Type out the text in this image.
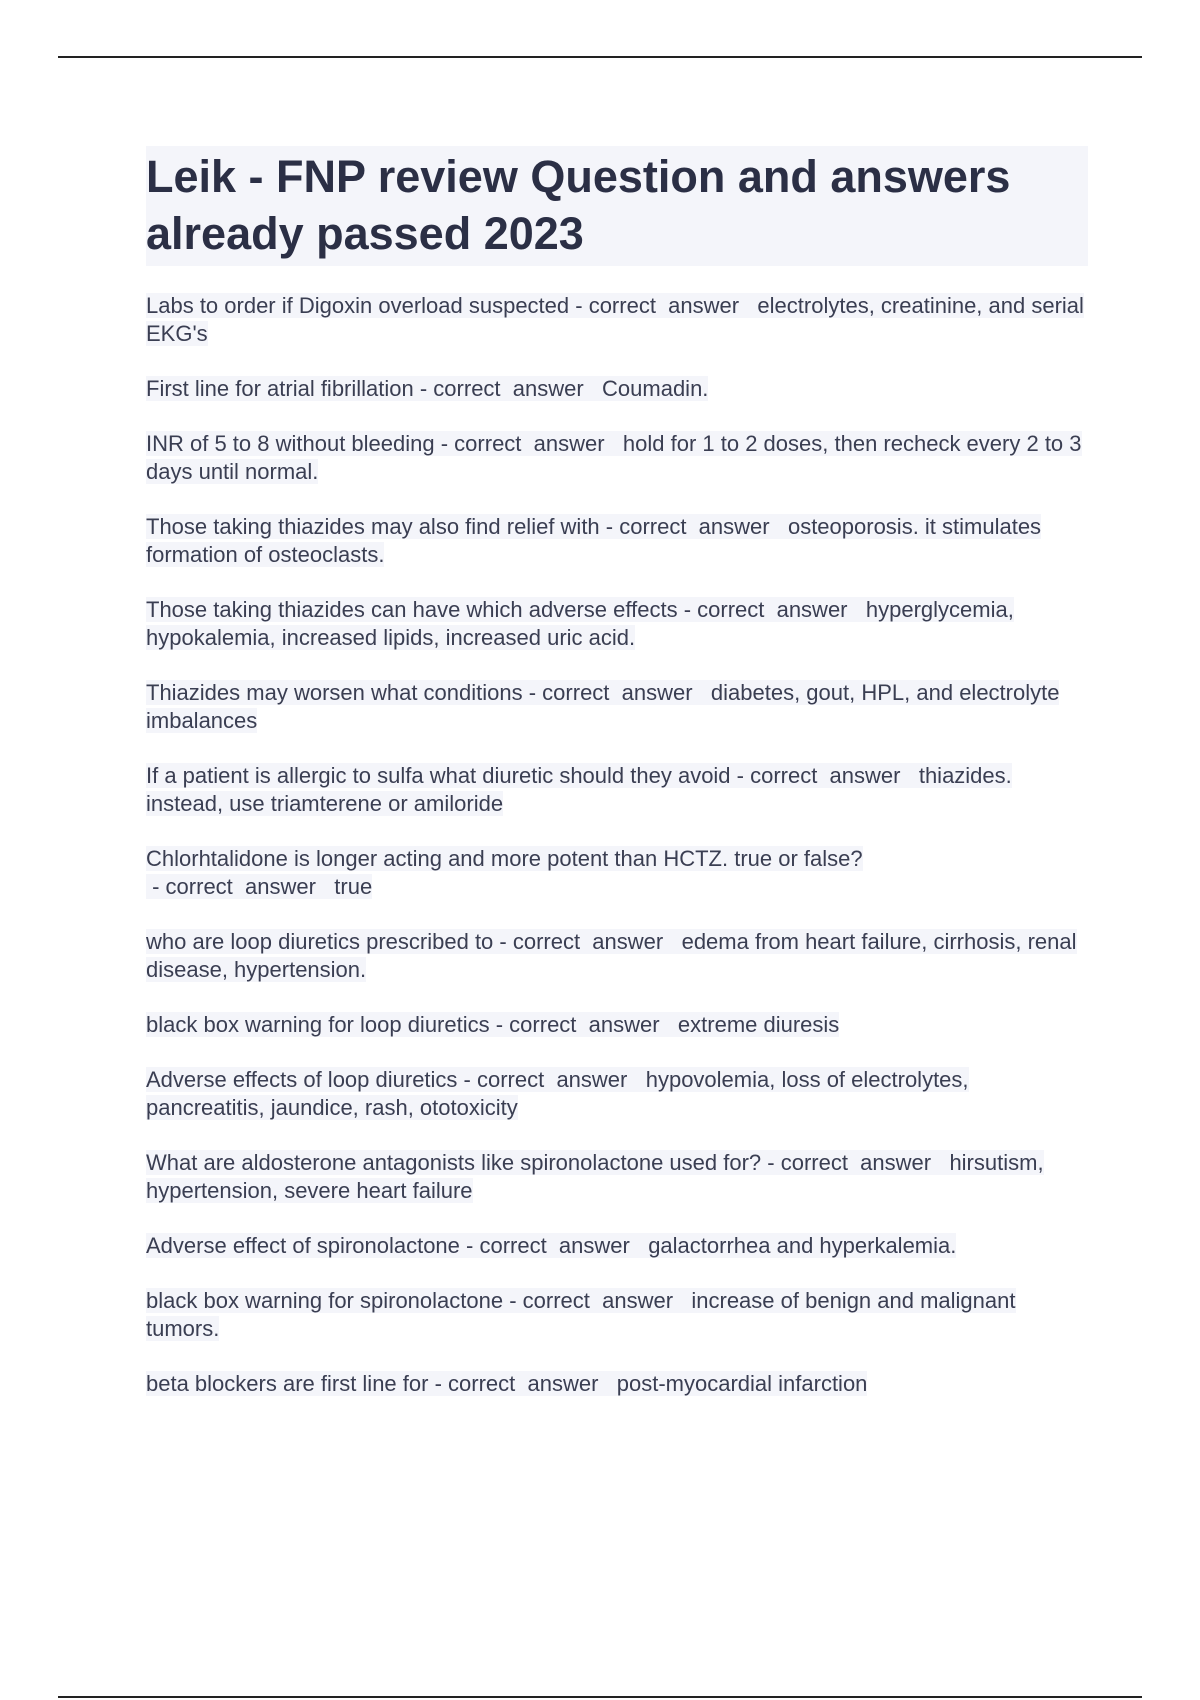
Leik - FNP review Question and answers already passed 2023
Labs to order if Digoxin overload suspected - correct  answer   electrolytes, creatinine, and serial EKG's
First line for atrial fibrillation - correct  answer   Coumadin.
INR of 5 to 8 without bleeding - correct  answer   hold for 1 to 2 doses, then recheck every 2 to 3 days until normal.
Those taking thiazides may also find relief with - correct  answer   osteoporosis. it stimulates formation of osteoclasts.
Those taking thiazides can have which adverse effects - correct  answer   hyperglycemia, hypokalemia, increased lipids, increased uric acid.
Thiazides may worsen what conditions - correct  answer   diabetes, gout, HPL, and electrolyte imbalances
If a patient is allergic to sulfa what diuretic should they avoid - correct  answer   thiazides. instead, use triamterene or amiloride
Chlorhtalidone is longer acting and more potent than HCTZ. true or false? - correct  answer   true
who are loop diuretics prescribed to - correct  answer   edema from heart failure, cirrhosis, renal disease, hypertension.
black box warning for loop diuretics - correct  answer   extreme diuresis
Adverse effects of loop diuretics - correct  answer   hypovolemia, loss of electrolytes, pancreatitis, jaundice, rash, ototoxicity
What are aldosterone antagonists like spironolactone used for? - correct  answer   hirsutism, hypertension, severe heart failure
Adverse effect of spironolactone - correct  answer   galactorrhea and hyperkalemia.
black box warning for spironolactone - correct  answer   increase of benign and malignant tumors.
beta blockers are first line for - correct  answer   post-myocardial infarction
